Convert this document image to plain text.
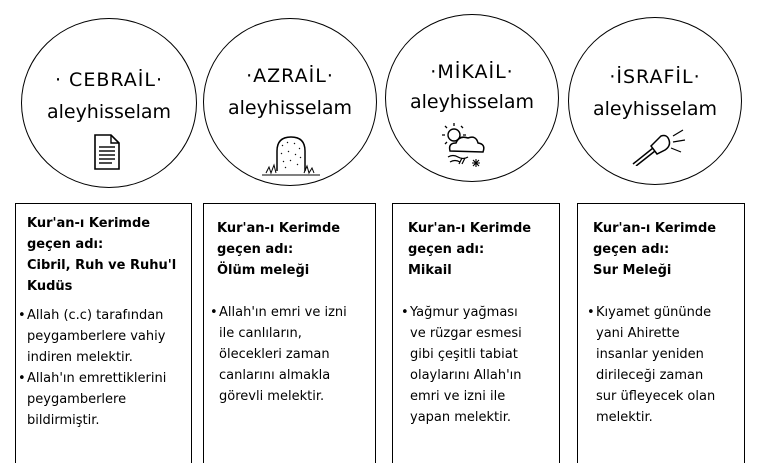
· CEBRAİL·
aleyhisselam
·AZRAİL·
aleyhisselam
·MİKAİL·
aleyhisselam
·İSRAFİL·
aleyhisselam
Kur'an-ı Kerimde
geçen adı:
Cibril, Ruh ve Ruhu'l
Kudüs
• Allah (c.c) tarafından
peygamberlere vahiy
indiren melektir.
• Allah'ın emrettiklerini
peygamberlere
bildirmiştir.
Kur'an-ı Kerimde
geçen adı:
Ölüm meleği
• Allah'ın emri ve izni
ile canlıların,
ölecekleri zaman
canlarını almakla
görevli melektir.
Kur'an-ı Kerimde
geçen adı:
Mikail
• Yağmur yağması
ve rüzgar esmesi
gibi çeşitli tabiat
olaylarını Allah'ın
emri ve izni ile
yapan melektir.
Kur'an-ı Kerimde
geçen adı:
Sur Meleği
• Kıyamet gününde
yani Ahirette
insanlar yeniden
dirileceği zaman
sur üfleyecek olan
melektir.
